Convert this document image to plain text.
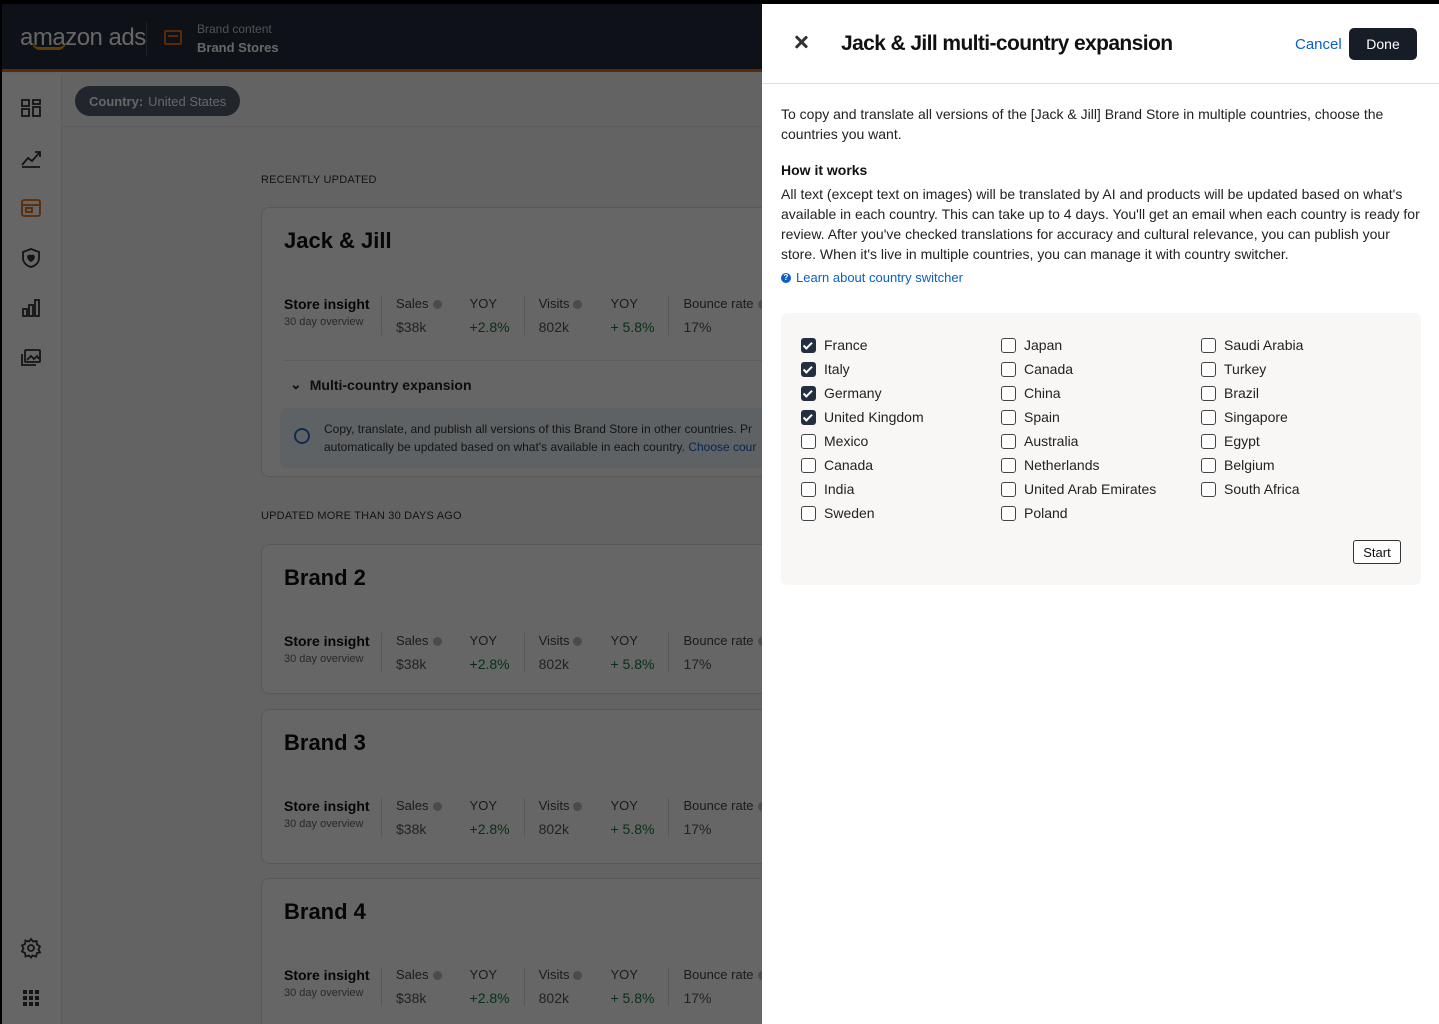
Jack & Jill multi-country expansion	Cancel	Done
To copy and translate all versions of the [Jack & Jill] Brand Store in multiple countries, choose the countries you want.
How it works
All text (except text on images) will be translated by AI and products will be updated based on what's available in each country. This can take up to 4 days. You'll get an email when each country is ready for review. After you've checked translations for accuracy and cultural relevance, you can publish your store. When it's live in multiple countries, you can manage it with country switcher.
? Learn about country switcher
France
Italy
Germany
United Kingdom
Mexico
Canada
India
Sweden
Japan
Canada
China
Spain
Australia
Netherlands
United Arab Emirates
Poland
Saudi Arabia
Turkey
Brazil
Singapore
Egypt
Belgium
South Africa
Start
